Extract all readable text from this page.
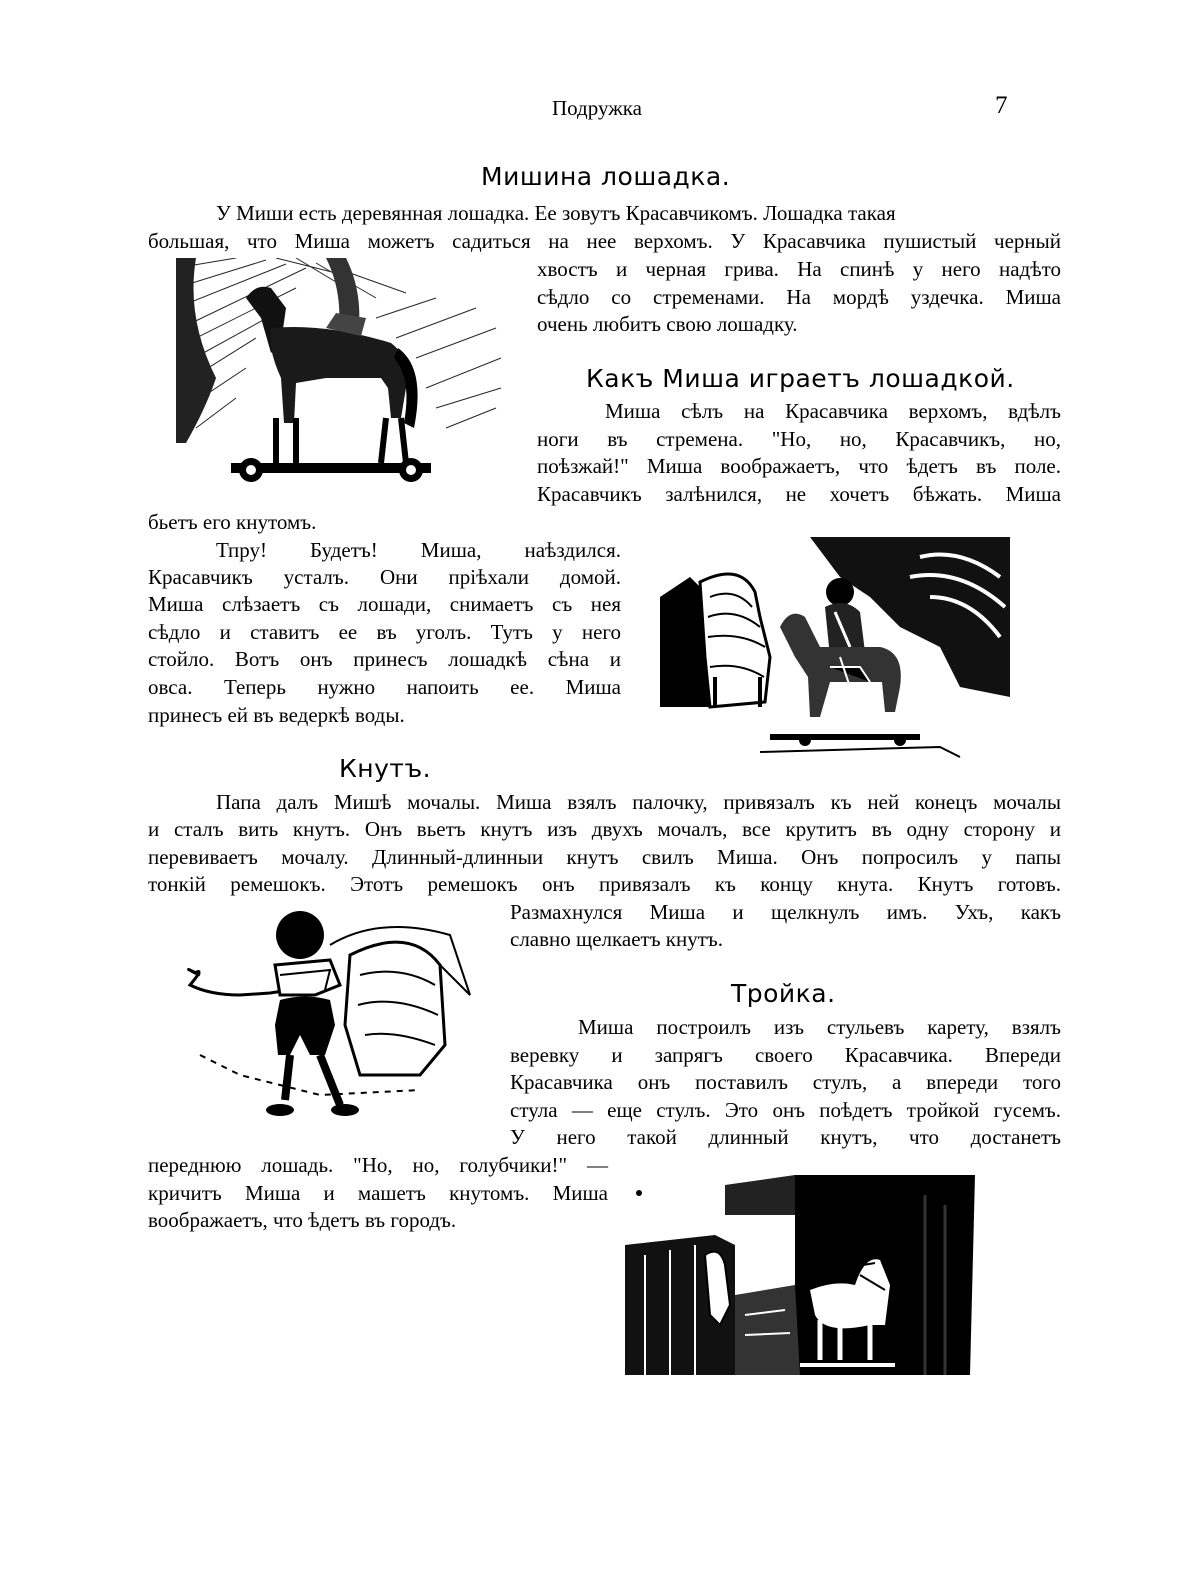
Подружка	7
Мишина лошадка.
У Миши есть деревянная лошадка. Ее зовутъ Красавчикомъ. Лошадка такая
большая, что Миша можетъ садиться на нее верхомъ. У Красавчика пушистый черный
хвостъ и черная грива. На спинѣ у него надѣто
сѣдло со стременами. На мордѣ уздечка. Миша
очень любитъ свою лошадку.
Какъ Миша играетъ лошадкой.
Миша сѣлъ на Красавчика верхомъ, вдѣлъ
ноги въ стремена. "Но, но, Красавчикъ, но,
поѣзжай!" Миша воображаетъ, что ѣдетъ въ поле.
Красавчикъ залѣнился, не хочетъ бѣжать. Миша
бьетъ его кнутомъ.
Тпру! Будетъ! Миша, наѣздился.
Красавчикъ усталъ. Они прiѣхали домой.
Миша слѣзаетъ съ лошади, снимаетъ съ нея
сѣдло и ставитъ ее въ уголъ. Тутъ у него
стойло. Вотъ онъ принесъ лошадкѣ сѣна и
овса. Теперь нужно напоить ее. Миша
принесъ ей въ ведеркѣ воды.
Кнутъ.
Папа далъ Мишѣ мочалы. Миша взялъ палочку, привязалъ къ ней конецъ мочалы
и сталъ вить кнутъ. Онъ вьетъ кнутъ изъ двухъ мочалъ, все крутитъ въ одну сторону и
перевиваетъ мочалу. Длинный-длинныи кнутъ свилъ Миша. Онъ попросилъ у папы
тонкiй ремешокъ. Этотъ ремешокъ онъ привязалъ къ концу кнута. Кнутъ готовъ.
Размахнулся Миша и щелкнулъ имъ. Ухъ, какъ
славно щелкаетъ кнутъ.
Тройка.
Миша построилъ изъ стульевъ карету, взялъ
веревку и запрягъ своего Красавчика. Впереди
Красавчика онъ поставилъ стулъ, а впереди того
стула — еще стулъ. Это онъ поѣдетъ тройкой гусемъ.
У него такой длинный кнутъ, что достанетъ
переднюю лошадь. "Но, но, голубчики!" —
кричитъ Миша и машетъ кнутомъ. Миша
воображаетъ, что ѣдетъ въ городъ.
